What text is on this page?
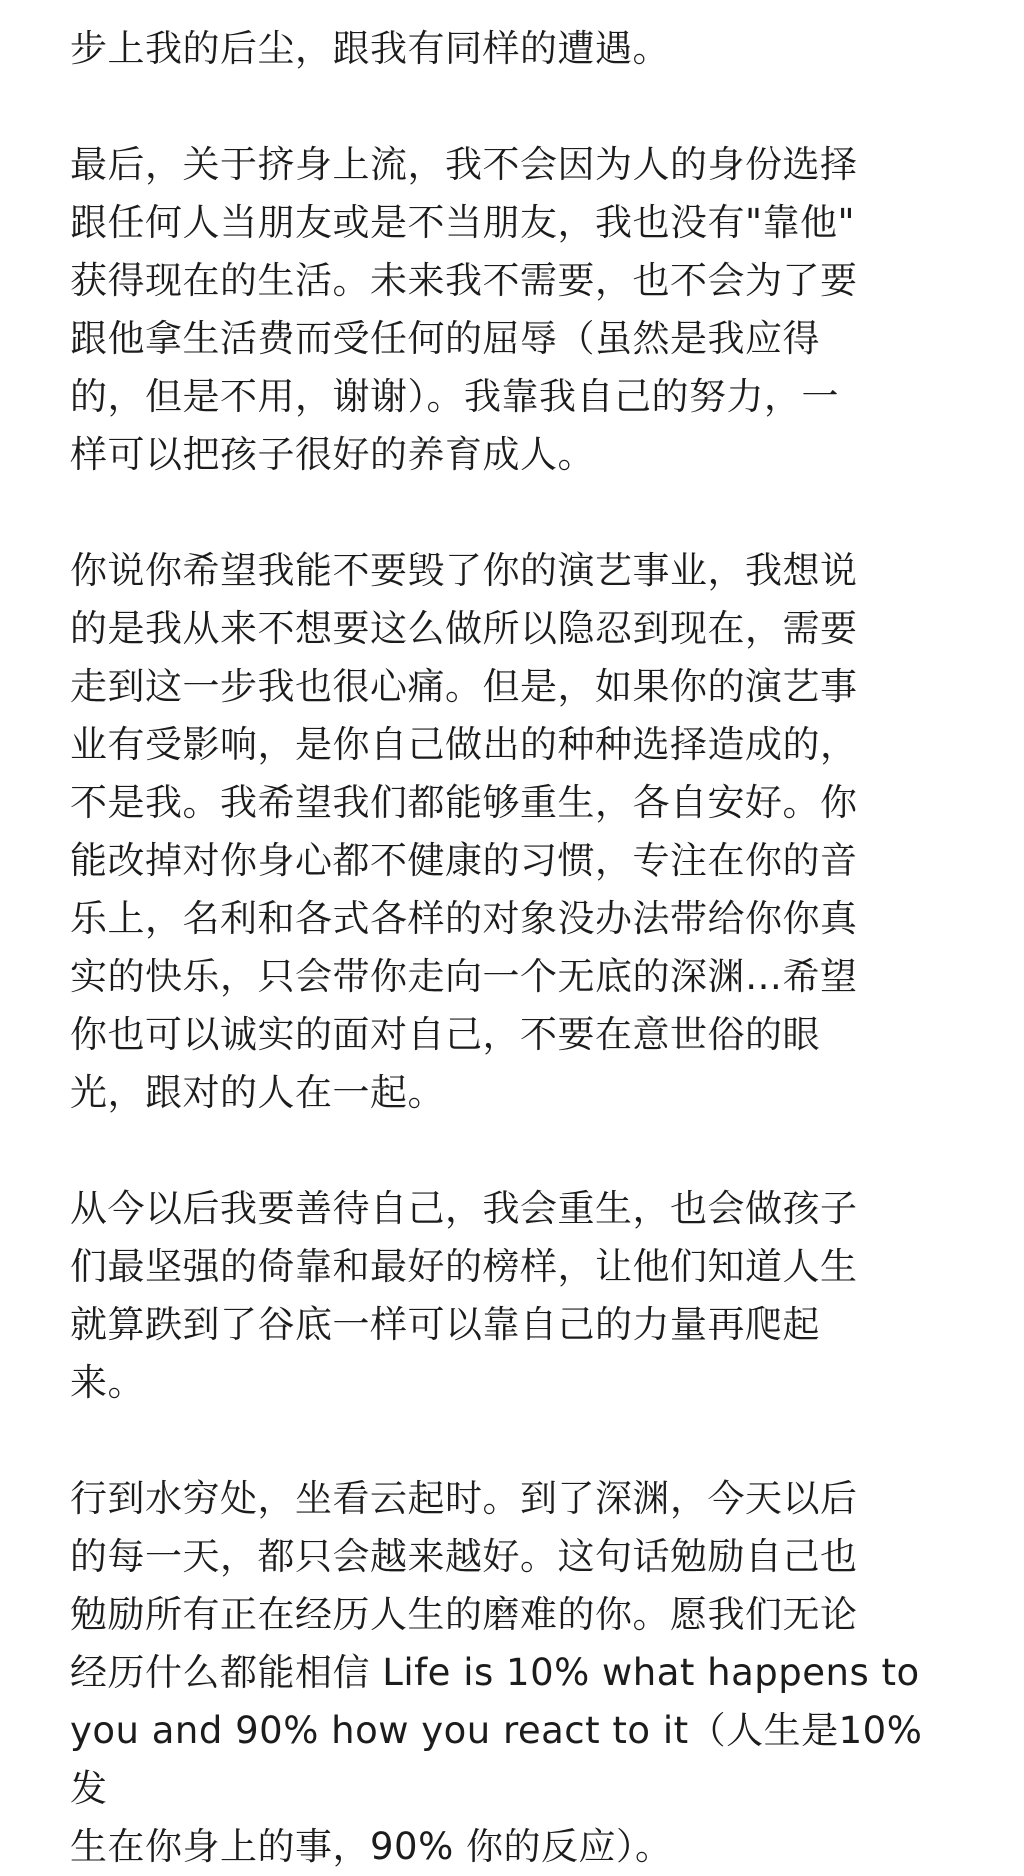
步上我的后尘，跟我有同样的遭遇。

最后，关于挤身上流，我不会因为人的身份选择
跟任何人当朋友或是不当朋友，我也没有"靠他"
获得现在的生活。未来我不需要，也不会为了要
跟他拿生活费而受任何的屈辱（虽然是我应得
的，但是不用，谢谢）。我靠我自己的努力，一
样可以把孩子很好的养育成人。

你说你希望我能不要毁了你的演艺事业，我想说
的是我从来不想要这么做所以隐忍到现在，需要
走到这一步我也很心痛。但是，如果你的演艺事
业有受影响，是你自己做出的种种选择造成的，
不是我。我希望我们都能够重生，各自安好。你
能改掉对你身心都不健康的习惯，专注在你的音
乐上，名利和各式各样的对象没办法带给你你真
实的快乐，只会带你走向一个无底的深渊…希望
你也可以诚实的面对自己，不要在意世俗的眼
光，跟对的人在一起。

从今以后我要善待自己，我会重生，也会做孩子
们最坚强的倚靠和最好的榜样，让他们知道人生
就算跌到了谷底一样可以靠自己的力量再爬起
来。

行到水穷处，坐看云起时。到了深渊，今天以后
的每一天，都只会越来越好。这句话勉励自己也
勉励所有正在经历人生的磨难的你。愿我们无论
经历什么都能相信 Life is 10% what happens to
you and 90% how you react to it（人生是10% 发
生在你身上的事，90% 你的反应）。
